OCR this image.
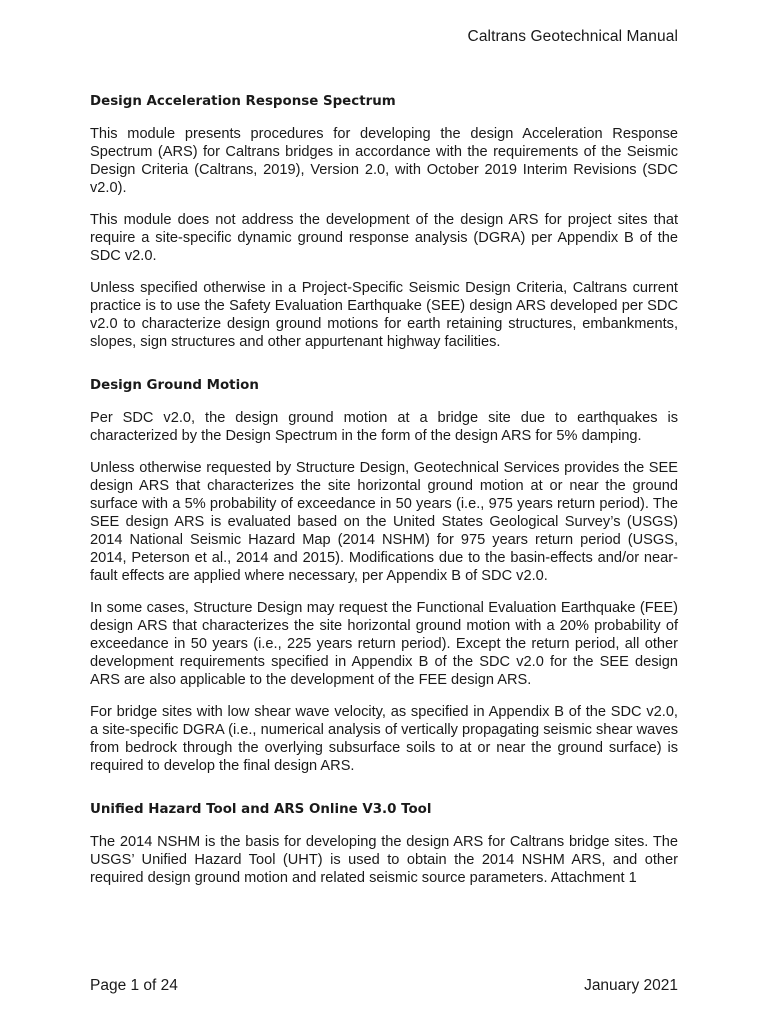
Caltrans Geotechnical Manual
Design Acceleration Response Spectrum

This module presents procedures for developing the design Acceleration Response Spectrum (ARS) for Caltrans bridges in accordance with the requirements of the Seismic Design Criteria (Caltrans, 2019), Version 2.0, with October 2019 Interim Revisions (SDC v2.0).

This module does not address the development of the design ARS for project sites that require a site-specific dynamic ground response analysis (DGRA) per Appendix B of the SDC v2.0.

Unless specified otherwise in a Project-Specific Seismic Design Criteria, Caltrans current practice is to use the Safety Evaluation Earthquake (SEE) design ARS developed per SDC v2.0 to characterize design ground motions for earth retaining structures, embankments, slopes, sign structures and other appurtenant highway facilities.

Design Ground Motion

Per SDC v2.0, the design ground motion at a bridge site due to earthquakes is characterized by the Design Spectrum in the form of the design ARS for 5% damping.

Unless otherwise requested by Structure Design, Geotechnical Services provides the SEE design ARS that characterizes the site horizontal ground motion at or near the ground surface with a 5% probability of exceedance in 50 years (i.e., 975 years return period). The SEE design ARS is evaluated based on the United States Geological Survey’s (USGS) 2014 National Seismic Hazard Map (2014 NSHM) for 975 years return period (USGS, 2014, Peterson et al., 2014 and 2015). Modifications due to the basin-effects and/or near-fault effects are applied where necessary, per Appendix B of SDC v2.0.

In some cases, Structure Design may request the Functional Evaluation Earthquake (FEE) design ARS that characterizes the site horizontal ground motion with a 20% probability of exceedance in 50 years (i.e., 225 years return period). Except the return period, all other development requirements specified in Appendix B of the SDC v2.0 for the SEE design ARS are also applicable to the development of the FEE design ARS.

For bridge sites with low shear wave velocity, as specified in Appendix B of the SDC v2.0, a site-specific DGRA (i.e., numerical analysis of vertically propagating seismic shear waves from bedrock through the overlying subsurface soils to at or near the ground surface) is required to develop the final design ARS.

Unified Hazard Tool and ARS Online V3.0 Tool

The 2014 NSHM is the basis for developing the design ARS for Caltrans bridge sites. The USGS’ Unified Hazard Tool (UHT) is used to obtain the 2014 NSHM ARS, and other required design ground motion and related seismic source parameters. Attachment 1

Page 1 of 24	January 2021
